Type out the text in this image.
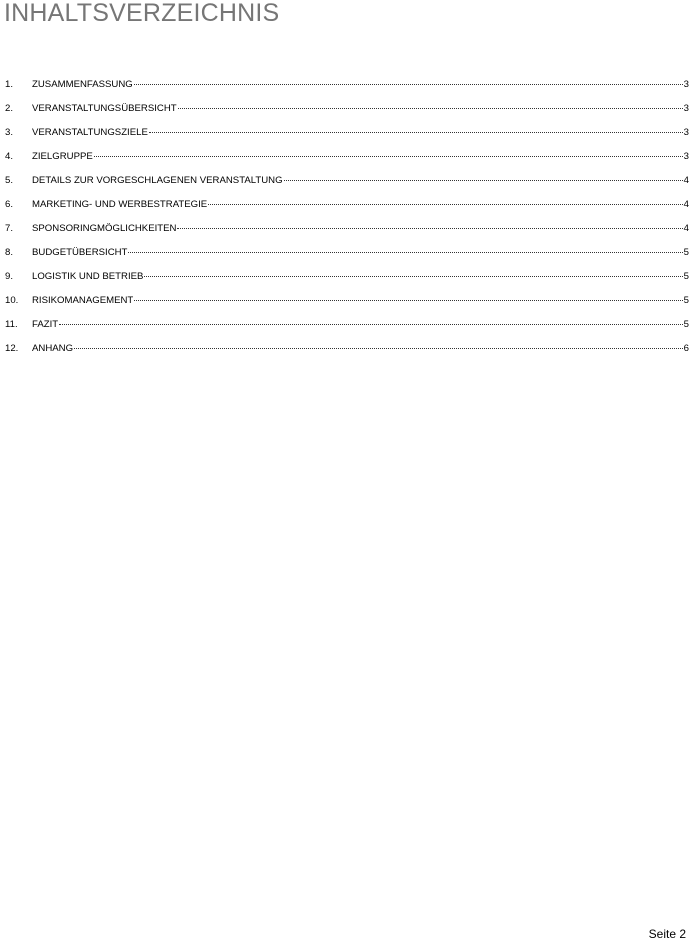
INHALTSVERZEICHNIS
1.	ZUSAMMENFASSUNG	3
2.	VERANSTALTUNGSÜBERSICHT	3
3.	VERANSTALTUNGSZIELE	3
4.	ZIELGRUPPE	3
5.	DETAILS ZUR VORGESCHLAGENEN VERANSTALTUNG	4
6.	MARKETING- UND WERBESTRATEGIE	4
7.	SPONSORINGMÖGLICHKEITEN	4
8.	BUDGETÜBERSICHT	5
9.	LOGISTIK UND BETRIEB	5
10.	RISIKOMANAGEMENT	5
11.	FAZIT	5
12.	ANHANG	6
Seite 2
